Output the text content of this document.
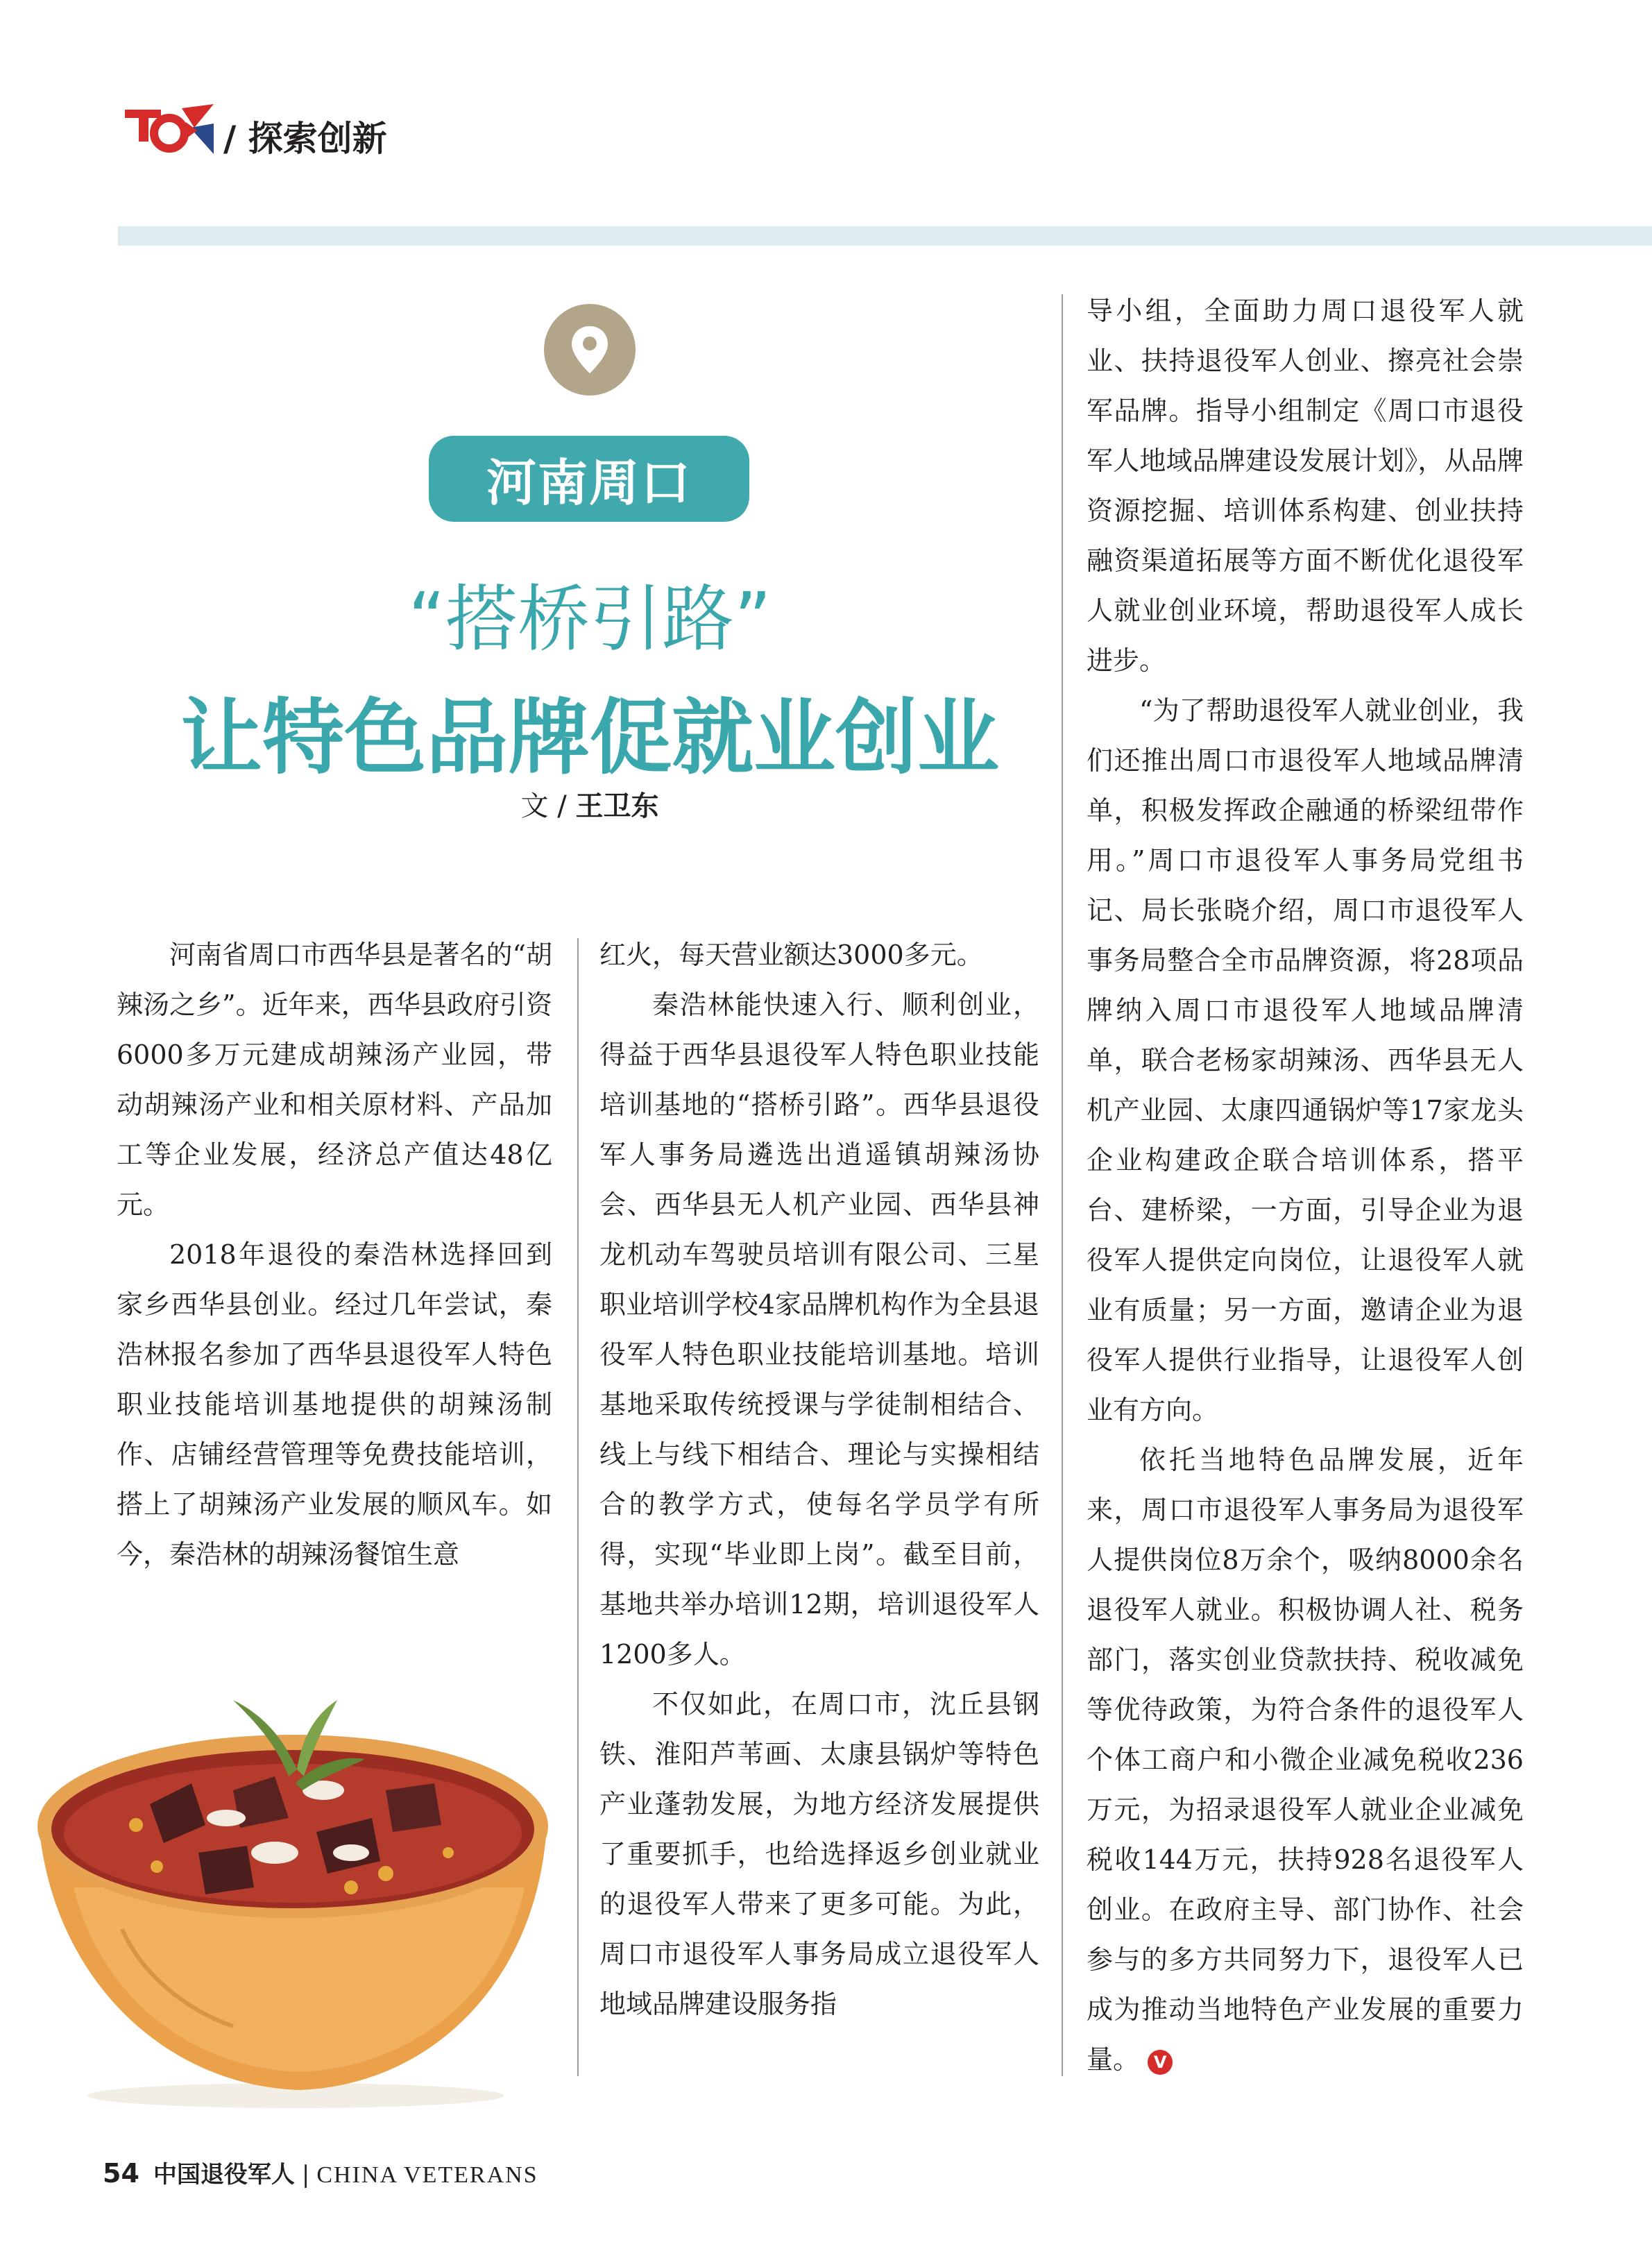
/ 探索创新
河南周口
“搭桥引路”
让特色品牌促就业创业
文 / 王卫东

河南省周口市西华县是著名的“胡辣汤之乡”。近年来，西华县政府引资6000多万元建成胡辣汤产业园，带动胡辣汤产业和相关原材料、产品加工等企业发展，经济总产值达48亿元。

2018年退役的秦浩林选择回到家乡西华县创业。经过几年尝试，秦浩林报名参加了西华县退役军人特色职业技能培训基地提供的胡辣汤制作、店铺经营管理等免费技能培训，搭上了胡辣汤产业发展的顺风车。如今，秦浩林的胡辣汤餐馆生意

红火，每天营业额达3000多元。

秦浩林能快速入行、顺利创业，得益于西华县退役军人特色职业技能培训基地的“搭桥引路”。西华县退役军人事务局遴选出逍遥镇胡辣汤协会、西华县无人机产业园、西华县神龙机动车驾驶员培训有限公司、三星职业培训学校4家品牌机构作为全县退役军人特色职业技能培训基地。培训基地采取传统授课与学徒制相结合、线上与线下相结合、理论与实操相结合的教学方式，使每名学员学有所得，实现“毕业即上岗”。截至目前，基地共举办培训12期，培训退役军人1200多人。

不仅如此，在周口市，沈丘县钢铁、淮阳芦苇画、太康县锅炉等特色产业蓬勃发展，为地方经济发展提供了重要抓手，也给选择返乡创业就业的退役军人带来了更多可能。为此，周口市退役军人事务局成立退役军人地域品牌建设服务指

导小组，全面助力周口退役军人就业、扶持退役军人创业、擦亮社会崇军品牌。指导小组制定《周口市退役军人地域品牌建设发展计划》，从品牌资源挖掘、培训体系构建、创业扶持融资渠道拓展等方面不断优化退役军人就业创业环境，帮助退役军人成长进步。

“为了帮助退役军人就业创业，我们还推出周口市退役军人地域品牌清单，积极发挥政企融通的桥梁纽带作用。”周口市退役军人事务局党组书记、局长张晓介绍，周口市退役军人事务局整合全市品牌资源，将28项品牌纳入周口市退役军人地域品牌清单，联合老杨家胡辣汤、西华县无人机产业园、太康四通锅炉等17家龙头企业构建政企联合培训体系，搭平台、建桥梁，一方面，引导企业为退役军人提供定向岗位，让退役军人就业有质量；另一方面，邀请企业为退役军人提供行业指导，让退役军人创业有方向。

依托当地特色品牌发展，近年来，周口市退役军人事务局为退役军人提供岗位8万余个，吸纳8000余名退役军人就业。积极协调人社、税务部门，落实创业贷款扶持、税收减免等优待政策，为符合条件的退役军人个体工商户和小微企业减免税收236万元，为招录退役军人就业企业减免税收144万元，扶持928名退役军人创业。在政府主导、部门协作、社会参与的多方共同努力下，退役军人已成为推动当地特色产业发展的重要力量。 V

54 中国退役军人 | CHINA VETERANS
